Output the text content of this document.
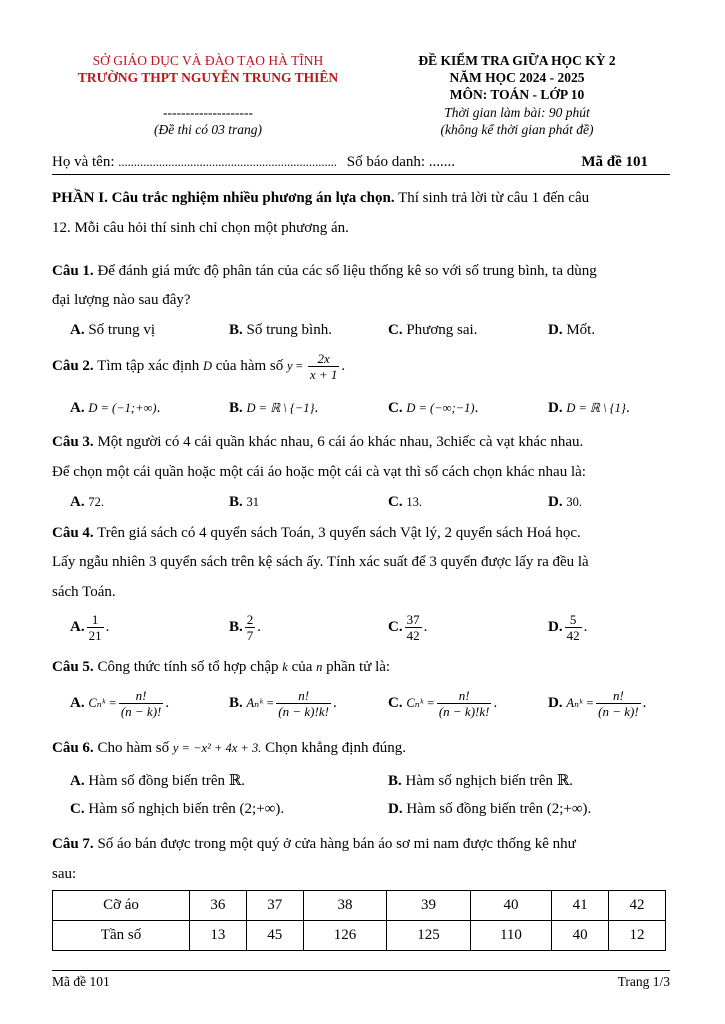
SỞ GIÁO DỤC VÀ ĐÀO TẠO HÀ TĨNH
TRƯỜNG THPT NGUYỄN TRUNG THIÊN
--------------------
(Đề thi có 03 trang)
ĐỀ KIỂM TRA GIỮA HỌC KỲ 2
NĂM HỌC 2024 - 2025
MÔN: TOÁN - LỚP 10
Thời gian làm bài: 90 phút
(không kể thời gian phát đề)
Họ và tên: ...................................................................... Số báo danh: .......	Mã đề 101
PHẦN I. Câu trắc nghiệm nhiều phương án lựa chọn. Thí sinh trả lời từ câu 1 đến câu
12. Mỗi câu hỏi thí sinh chỉ chọn một phương án.
Câu 1. Để đánh giá mức độ phân tán của các số liệu thống kê so với số trung bình, ta dùng
đại lượng nào sau đây?
A. Số trung vị	B. Số trung bình.	C. Phương sai.	D. Mốt.
Câu 2. Tìm tập xác định D của hàm số $y = \frac{2x}{x + 1}$ .
A. D = (−1;+∞).	B. D = ℝ \ {−1}.	C. D = (−∞;−1).	D. D = ℝ \ {1}.
Câu 3. Một người có 4 cái quần khác nhau, 6 cái áo khác nhau, 3chiếc cà vạt khác nhau.
Để chọn một cái quần hoặc một cái áo hoặc một cái cà vạt thì số cách chọn khác nhau là:
A. 72.	B. 31	C. 13.	D. 30.
Câu 4. Trên giá sách có 4 quyển sách Toán, 3 quyển sách Vật lý, 2 quyển sách Hoá học.
Lấy ngẫu nhiên 3 quyển sách trên kệ sách ấy. Tính xác suất để 3 quyển được lấy ra đều là
sách Toán.
A. $\frac{1}{21}$ .	B. $\frac{2}{7}$ .	C. $\frac{37}{42}$ .	D. $\frac{5}{42}$ .
Câu 5. Công thức tính số tổ hợp chập k của n phần tử là:
A. Cₙᵏ = $\frac{n!}{(n - k)!}$ .	B. Aₙᵏ = $\frac{n!}{(n - k)!k!}$ .	C. Cₙᵏ = $\frac{n!}{(n - k)!k!}$ .	D. Aₙᵏ = $\frac{n!}{(n - k)!}$ .
Câu 6. Cho hàm số y = −x² + 4x + 3. Chọn khẳng định đúng.
A. Hàm số đồng biến trên ℝ.	B. Hàm số nghịch biến trên ℝ.
C. Hàm số nghịch biến trên (2;+∞).	D. Hàm số đồng biến trên (2;+∞).
Câu 7. Số áo bán được trong một quý ở cửa hàng bán áo sơ mi nam được thống kê như
sau:
Cỡ áo	36	37	38	39	40	41	42
Tần số	13	45	126	125	110	40	12
Mã đề 101	Trang 1/3
